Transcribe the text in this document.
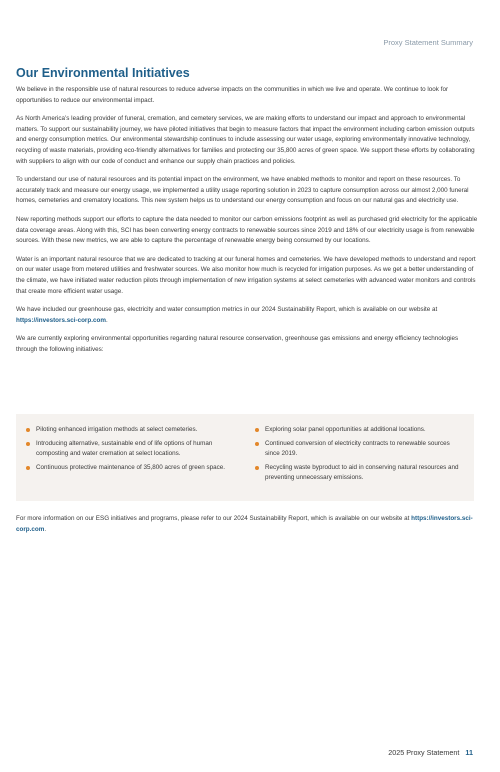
Proxy Statement Summary
Our Environmental Initiatives

We believe in the responsible use of natural resources to reduce adverse impacts on the communities in which we live and operate. We continue to look for opportunities to reduce our environmental impact.

As North America’s leading provider of funeral, cremation, and cemetery services, we are making efforts to understand our impact and approach to environmental matters. To support our sustainability journey, we have piloted initiatives that begin to measure factors that impact the environment including carbon emission outputs and energy consumption metrics. Our environmental stewardship continues to include assessing our water usage, exploring environmentally innovative technology, recycling of waste materials, providing eco-friendly alternatives for families and protecting our 35,800 acres of green space. We support these efforts by collaborating with suppliers to align with our code of conduct and enhance our supply chain practices and policies.

To understand our use of natural resources and its potential impact on the environment, we have enabled methods to monitor and report on these resources. To accurately track and measure our energy usage, we implemented a utility usage reporting solution in 2023 to capture consumption across our almost 2,000 funeral homes, cemeteries and crematory locations. This new system helps us to understand our energy consumption and focus on our natural gas and electricity use.

New reporting methods support our efforts to capture the data needed to monitor our carbon emissions footprint as well as purchased grid electricity for the applicable data coverage areas. Along with this, SCI has been converting energy contracts to renewable sources since 2019 and 18% of our electricity usage is from renewable sources. With these new metrics, we are able to capture the percentage of renewable energy being consumed by our locations.

Water is an important natural resource that we are dedicated to tracking at our funeral homes and cemeteries. We have developed methods to understand and report on our water usage from metered utilities and freshwater sources. We also monitor how much is recycled for irrigation purposes. As we get a better understanding of the climate, we have initiated water reduction pilots through implementation of new irrigation systems at select cemeteries with advanced water monitors and controls that create more efficient water usage.

We have included our greenhouse gas, electricity and water consumption metrics in our 2024 Sustainability Report, which is available on our website at https://investors.sci-corp.com.

We are currently exploring environmental opportunities regarding natural resource conservation, greenhouse gas emissions and energy efficiency technologies through the following initiatives:

Piloting enhanced irrigation methods at select cemeteries.
Introducing alternative, sustainable end of life options of human composting and water cremation at select locations.
Continuous protective maintenance of 35,800 acres of green space.
Exploring solar panel opportunities at additional locations.
Continued conversion of electricity contracts to renewable sources since 2019.
Recycling waste byproduct to aid in conserving natural resources and preventing unnecessary emissions.

For more information on our ESG initiatives and programs, please refer to our 2024 Sustainability Report, which is available on our website at https://investors.sci-corp.com.

2025 Proxy Statement 11
